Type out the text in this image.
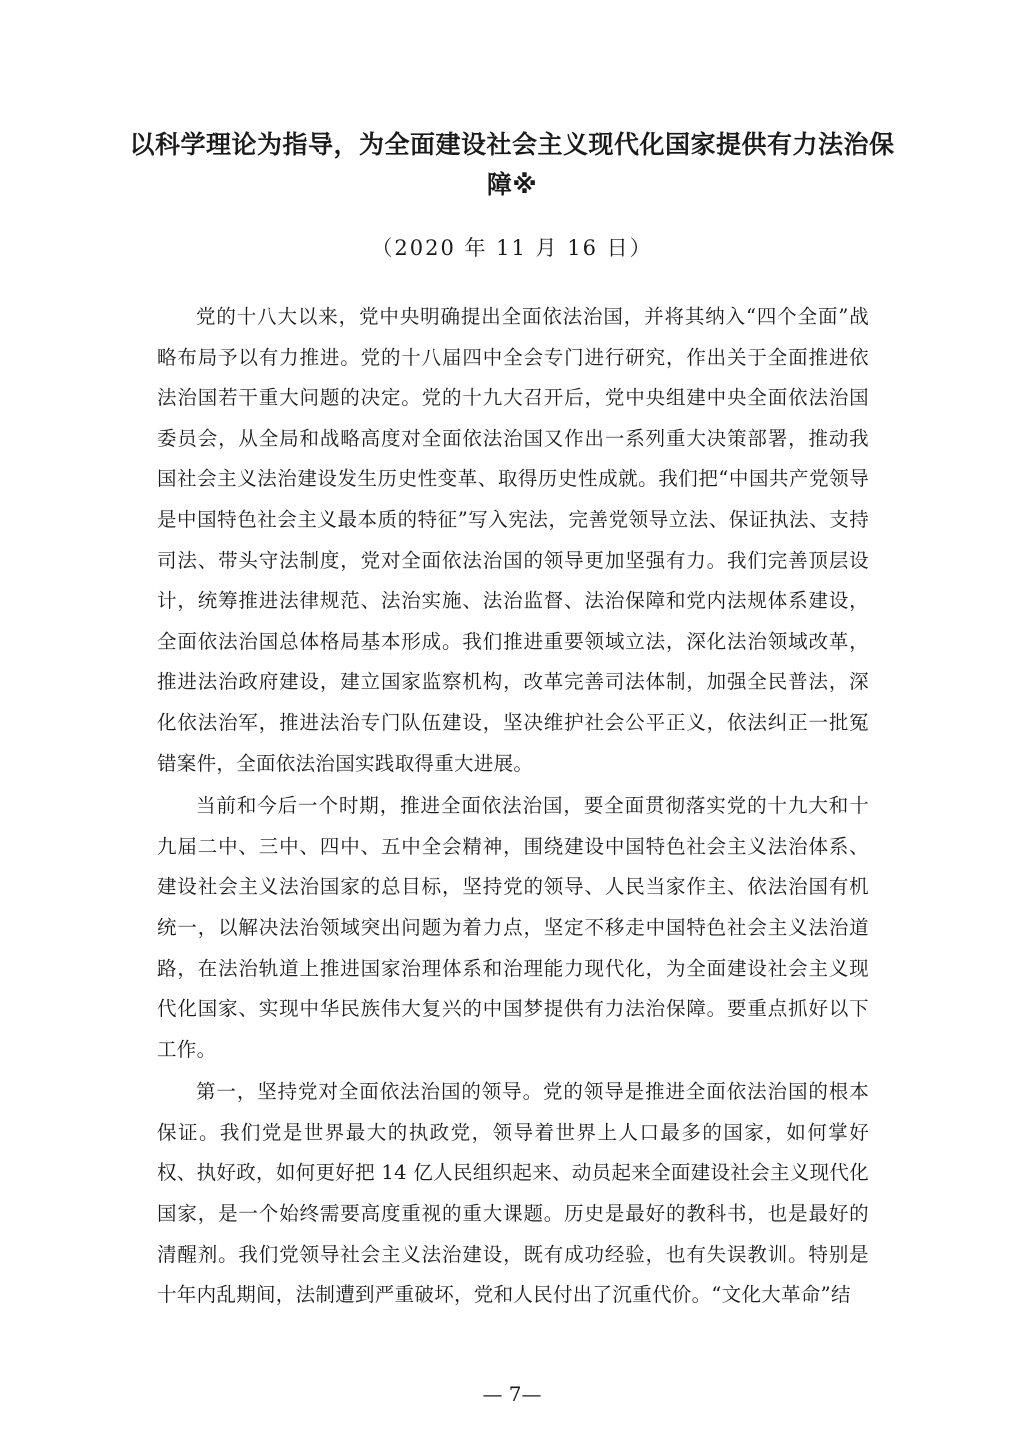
以科学理论为指导，为全面建设社会主义现代化国家提供有力法治保障※

（2020 年 11 月 16 日）

党的十八大以来，党中央明确提出全面依法治国，并将其纳入“四个全面”战略布局予以有力推进。党的十八届四中全会专门进行研究，作出关于全面推进依法治国若干重大问题的决定。党的十九大召开后，党中央组建中央全面依法治国委员会，从全局和战略高度对全面依法治国又作出一系列重大决策部署，推动我国社会主义法治建设发生历史性变革、取得历史性成就。我们把“中国共产党领导是中国特色社会主义最本质的特征”写入宪法，完善党领导立法、保证执法、支持司法、带头守法制度，党对全面依法治国的领导更加坚强有力。我们完善顶层设计，统筹推进法律规范、法治实施、法治监督、法治保障和党内法规体系建设，全面依法治国总体格局基本形成。我们推进重要领域立法，深化法治领域改革，推进法治政府建设，建立国家监察机构，改革完善司法体制，加强全民普法，深化依法治军，推进法治专门队伍建设，坚决维护社会公平正义，依法纠正一批冤错案件，全面依法治国实践取得重大进展。

当前和今后一个时期，推进全面依法治国，要全面贯彻落实党的十九大和十九届二中、三中、四中、五中全会精神，围绕建设中国特色社会主义法治体系、建设社会主义法治国家的总目标，坚持党的领导、人民当家作主、依法治国有机统一，以解决法治领域突出问题为着力点，坚定不移走中国特色社会主义法治道路，在法治轨道上推进国家治理体系和治理能力现代化，为全面建设社会主义现代化国家、实现中华民族伟大复兴的中国梦提供有力法治保障。要重点抓好以下工作。

第一，坚持党对全面依法治国的领导。党的领导是推进全面依法治国的根本保证。我们党是世界最大的执政党，领导着世界上人口最多的国家，如何掌好权、执好政，如何更好把 14 亿人民组织起来、动员起来全面建设社会主义现代化国家，是一个始终需要高度重视的重大课题。历史是最好的教科书，也是最好的清醒剂。我们党领导社会主义法治建设，既有成功经验，也有失误教训。特别是十年内乱期间，法制遭到严重破坏，党和人民付出了沉重代价。“文化大革命”结

— 7—
